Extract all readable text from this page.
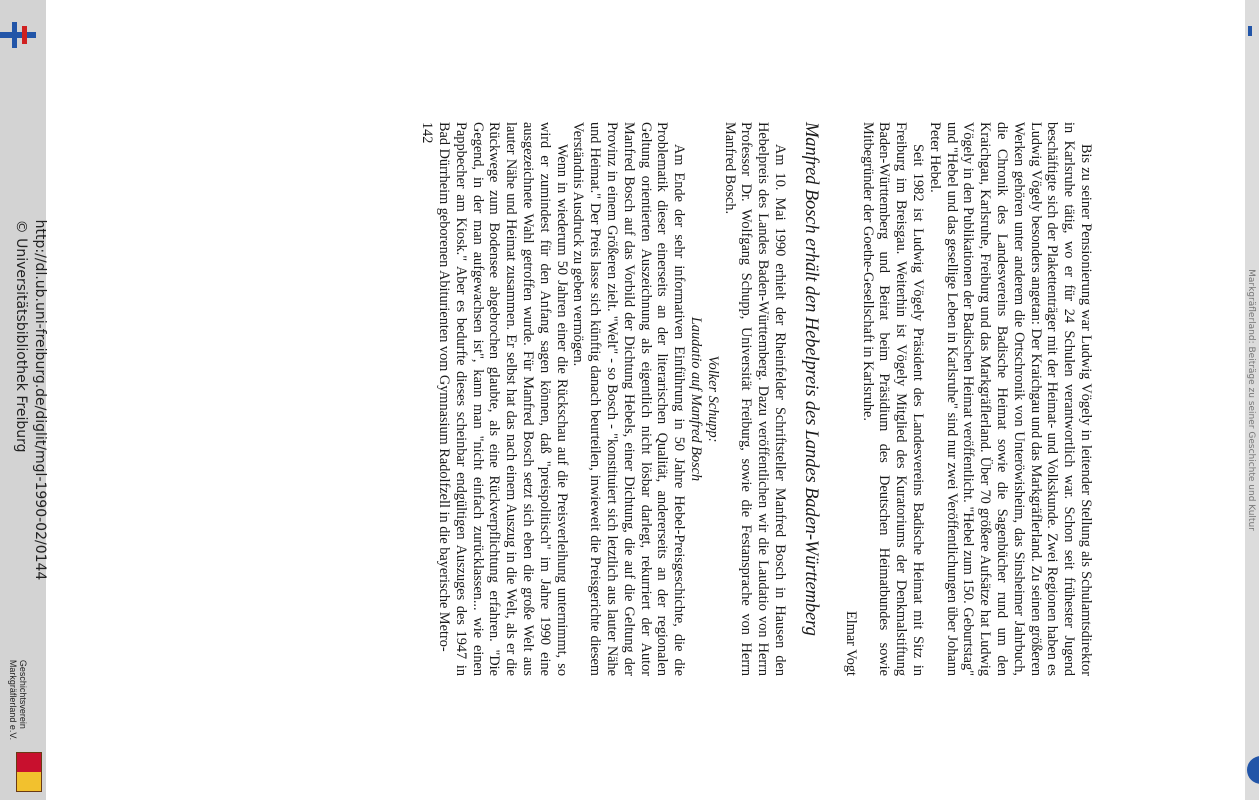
http://dl.ub.uni-freiburg.de/diglit/mgl-1990-02/0144
© Universitätsbibliothek Freiburg
Geschichtsverein
Markgräflerland e.V.
Markgräflerland: Beiträge zu seiner Geschichte und Kultur

Bis zu seiner Pensionierung war Ludwig Vögely in leitender Stellung als Schulamtsdirektor in Karlsruhe tätig, wo er für 24 Schulen verantwortlich war. Schon seit frühester Jugend beschäftigte sich der Plakettenträger mit der Heimat- und Volkskunde. Zwei Regionen haben es Ludwig Vögely besonders angetan: Der Kraichgau und das Markgräflerland. Zu seinen größeren Werken gehören unter anderem die Ortschronik von Unteröwisheim, das Sinsheimer Jahrbuch, die Chronik des Landesvereins Badische Heimat sowie die Sagenbücher rund um den Kraichgau, Karlsruhe, Freiburg und das Markgräflerland. Über 70 größere Aufsätze hat Ludwig Vögely in den Publikationen der Badischen Heimat veröffentlicht. "Hebel zum 150. Geburtstag" und "Hebel und das gesellige Leben in Karlsruhe" sind nur zwei Veröffentlichungen über Johann Peter Hebel.

Seit 1982 ist Ludwig Vögely Präsident des Landesvereins Badische Heimat mit Sitz in Freiburg im Breisgau. Weiterhin ist Vögely Mitglied des Kuratoriums der Denkmalstiftung Baden-Württemberg und Beirat beim Präsidium des Deutschen Heimatbundes sowie Mitbegründer der Goethe-Gesellschaft in Karlsruhe.

Elmar Vogt

Manfred Bosch erhält den Hebelpreis des Landes Baden-Württemberg

Am 10. Mai 1990 erhielt der Rheinfelder Schriftsteller Manfred Bosch in Hausen den Hebelpreis des Landes Baden-Württemberg. Dazu veröffentlichen wir die Laudatio von Herrn Professor Dr. Wolfgang Schupp, Universität Freiburg, sowie die Festansprache von Herrn Manfred Bosch.

Volker Schupp:

Laudatio auf Manfred Bosch

Am Ende der sehr informativen Einführung in 50 Jahre Hebel-Preisgeschichte, die die Problematik dieser einerseits an der literarischen Qualität, andererseits an der regionalen Geltung orientierten Auszeichnung als eigentlich nicht lösbar darlegt, rekurriert der Autor Manfred Bosch auf das Vorbild der Dichtung Hebels, einer Dichtung, die auf die Geltung der Provinz in einem Größeren zielt. "Welt" - so Bosch - "konstituiert sich letztlich aus lauter Nähe und Heimat." Der Preis lasse sich künftig danach beurteilen, inwieweit die Preisgerichte diesem Verständnis Ausdruck zu geben vermögen.

Wenn in wiederum 50 Jahren einer die Rückschau auf die Preisverleihung unternimmt, so wird er zumindest für den Anfang sagen können, daß "preispolitisch" im Jahre 1990 eine ausgezeichnete Wahl getroffen wurde. Für Manfred Bosch setzt sich eben die große Welt aus lauter Nähe und Heimat zusammen. Er selbst hat das nach einem Auszug in die Welt, als er die Rückwege zum Bodensee abgebrochen glaubte, als eine Rückverpflichtung erfahren. "Die Gegend, in der man aufgewachsen ist", kann man "nicht einfach zurücklassen... wie einen Pappbecher am Kiosk." Aber es bedurfte dieses scheinbar endgültigen Auszuges des 1947 in Bad Dürrheim geborenen Abiturienten vom Gymnasium Radolfzell in die bayerische Metro-

142
